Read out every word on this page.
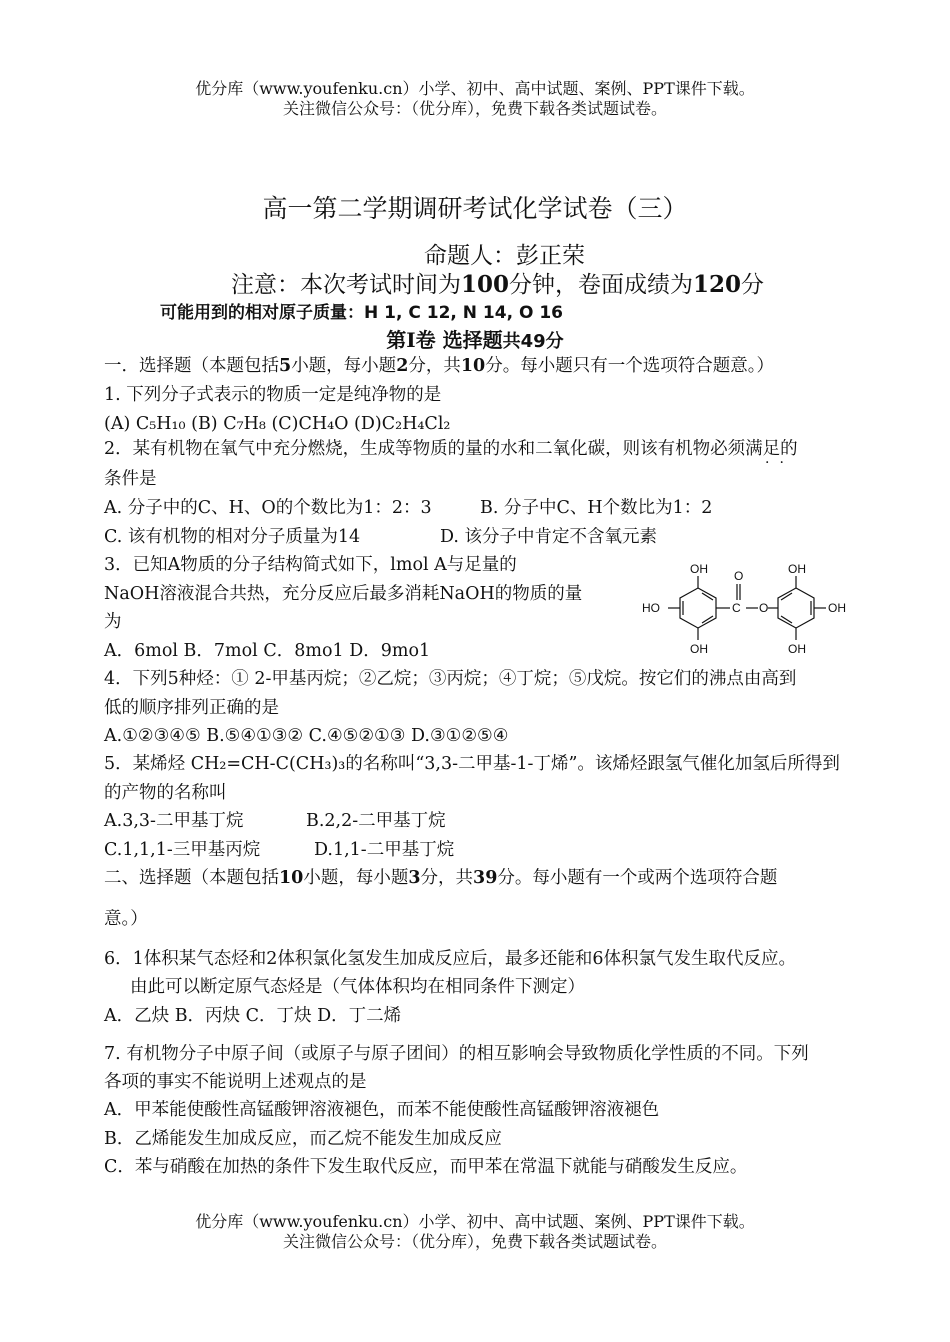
优分库（www.youfenku.cn）小学、初中、高中试题、案例、PPT课件下载。
关注微信公众号：（优分库），免费下载各类试题试卷。
高一第二学期调研考试化学试卷（三）
命题人：彭正荣
注意：本次考试时间为100分钟，卷面成绩为120分
可能用到的相对原子质量：H 1, C 12, N 14, O 16
第Ⅰ卷 选择题共49分
一．选择题（本题包括5小题，每小题2分，共10分。每小题只有一个选项符合题意。）
1. 下列分子式表示的物质一定是纯净物的是
(A) C₅H₁₀ (B) C₇H₈ (C)CH₄O (D)C₂H₄Cl₂
2．某有机物在氧气中充分燃烧，生成等物质的量的水和二氧化碳，则该有机物必须满足的
··
条件是
A. 分子中的C、H、O的个数比为1：2：3	B. 分子中C、H个数比为1：2
C. 该有机物的相对分子质量为14	D. 该分子中肯定不含氧元素
3．已知A物质的分子结构简式如下，lmol A与足量的
NaOH溶液混合共热，充分反应后最多消耗NaOH的物质的量
为
A．6mol B．7mol C．8mo1 D．9mo1
OH
OH
HO
O
C O
OH
OH
OH
4．下列5种烃：① 2-甲基丙烷；②乙烷；③丙烷；④丁烷；⑤戊烷。按它们的沸点由高到
低的顺序排列正确的是
A.①②③④⑤ B.⑤④①③② C.④⑤②①③ D.③①②⑤④
5．某烯烃 CH₂=CH-C(CH₃)₃的名称叫“3,3-二甲基-1-丁烯”。该烯烃跟氢气催化加氢后所得到
的产物的名称叫
A.3,3-二甲基丁烷	B.2,2-二甲基丁烷
C.1,1,1-三甲基丙烷	D.1,1-二甲基丁烷
二、选择题（本题包括10小题，每小题3分，共39分。每小题有一个或两个选项符合题
意。）
6．1体积某气态烃和2体积氯化氢发生加成反应后，最多还能和6体积氯气发生取代反应。
由此可以断定原气态烃是（气体体积均在相同条件下测定）
A．乙炔 B．丙炔 C．丁炔 D．丁二烯
7. 有机物分子中原子间（或原子与原子团间）的相互影响会导致物质化学性质的不同。下列
各项的事实不能说明上述观点的是
A．甲苯能使酸性高锰酸钾溶液褪色，而苯不能使酸性高锰酸钾溶液褪色
B．乙烯能发生加成反应，而乙烷不能发生加成反应
C．苯与硝酸在加热的条件下发生取代反应，而甲苯在常温下就能与硝酸发生反应。
优分库（www.youfenku.cn）小学、初中、高中试题、案例、PPT课件下载。
关注微信公众号：（优分库），免费下载各类试题试卷。
